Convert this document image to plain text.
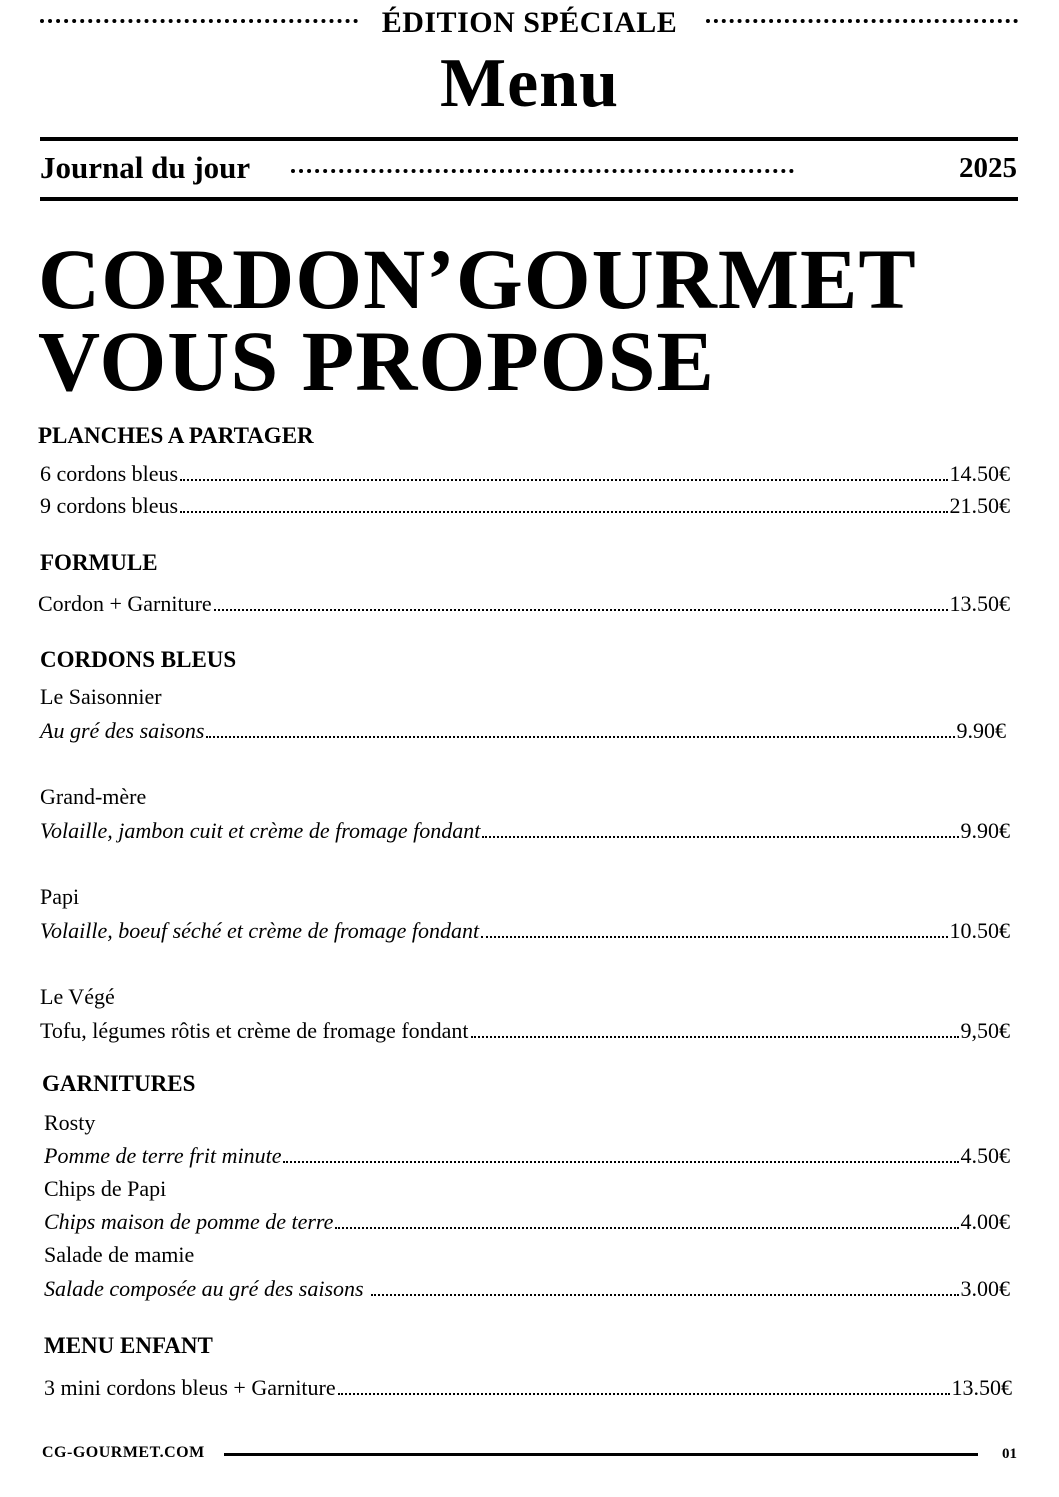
ÉDITION SPÉCIALE
Menu
Journal du jour	2025
CORDON’GOURMET
VOUS PROPOSE
PLANCHES A PARTAGER
6 cordons bleus	14.50€
9 cordons bleus	21.50€
FORMULE
Cordon + Garniture	13.50€
CORDONS BLEUS
Le Saisonnier
Au gré des saisons	9.90€
Grand-mère
Volaille, jambon cuit et crème de fromage fondant	9.90€
Papi
Volaille, boeuf séché et crème de fromage fondant	10.50€
Le Végé
Tofu, légumes rôtis et crème de fromage fondant	9,50€
GARNITURES
Rosty
Pomme de terre frit minute	4.50€
Chips de Papi
Chips maison de pomme de terre	4.00€
Salade de mamie
Salade composée au gré des saisons	3.00€
MENU ENFANT
3 mini cordons bleus + Garniture	13.50€
CG-GOURMET.COM	01
